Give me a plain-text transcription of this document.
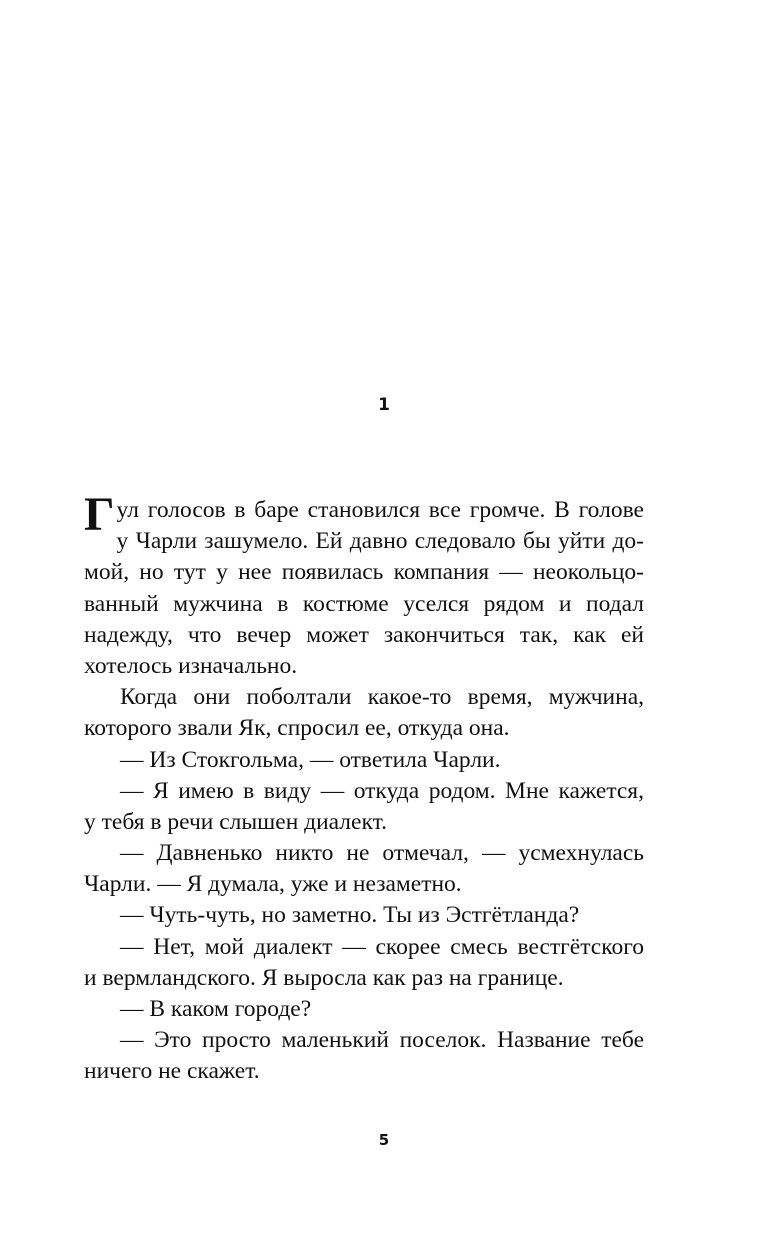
1
Г ул голосов в баре становился все громче. В голове
у Чарли зашумело. Ей давно следовало бы уйти до-
мой, но тут у нее появилась компания — неокольцо-
ванный мужчина в костюме уселся рядом и подал
надежду, что вечер может закончиться так, как ей
хотелось изначально.
Когда они поболтали какое-то время, мужчина,
которого звали Як, спросил ее, откуда она.
— Из Стокгольма, — ответила Чарли.
— Я имею в виду — откуда родом. Мне кажется,
у тебя в речи слышен диалект.
— Давненько никто не отмечал, — усмехнулась
Чарли. — Я думала, уже и незаметно.
— Чуть-чуть, но заметно. Ты из Эстгётланда?
— Нет, мой диалект — скорее смесь вестгётского
и вермландского. Я выросла как раз на границе.
— В каком городе?
— Это просто маленький поселок. Название тебе
ничего не скажет.
5
